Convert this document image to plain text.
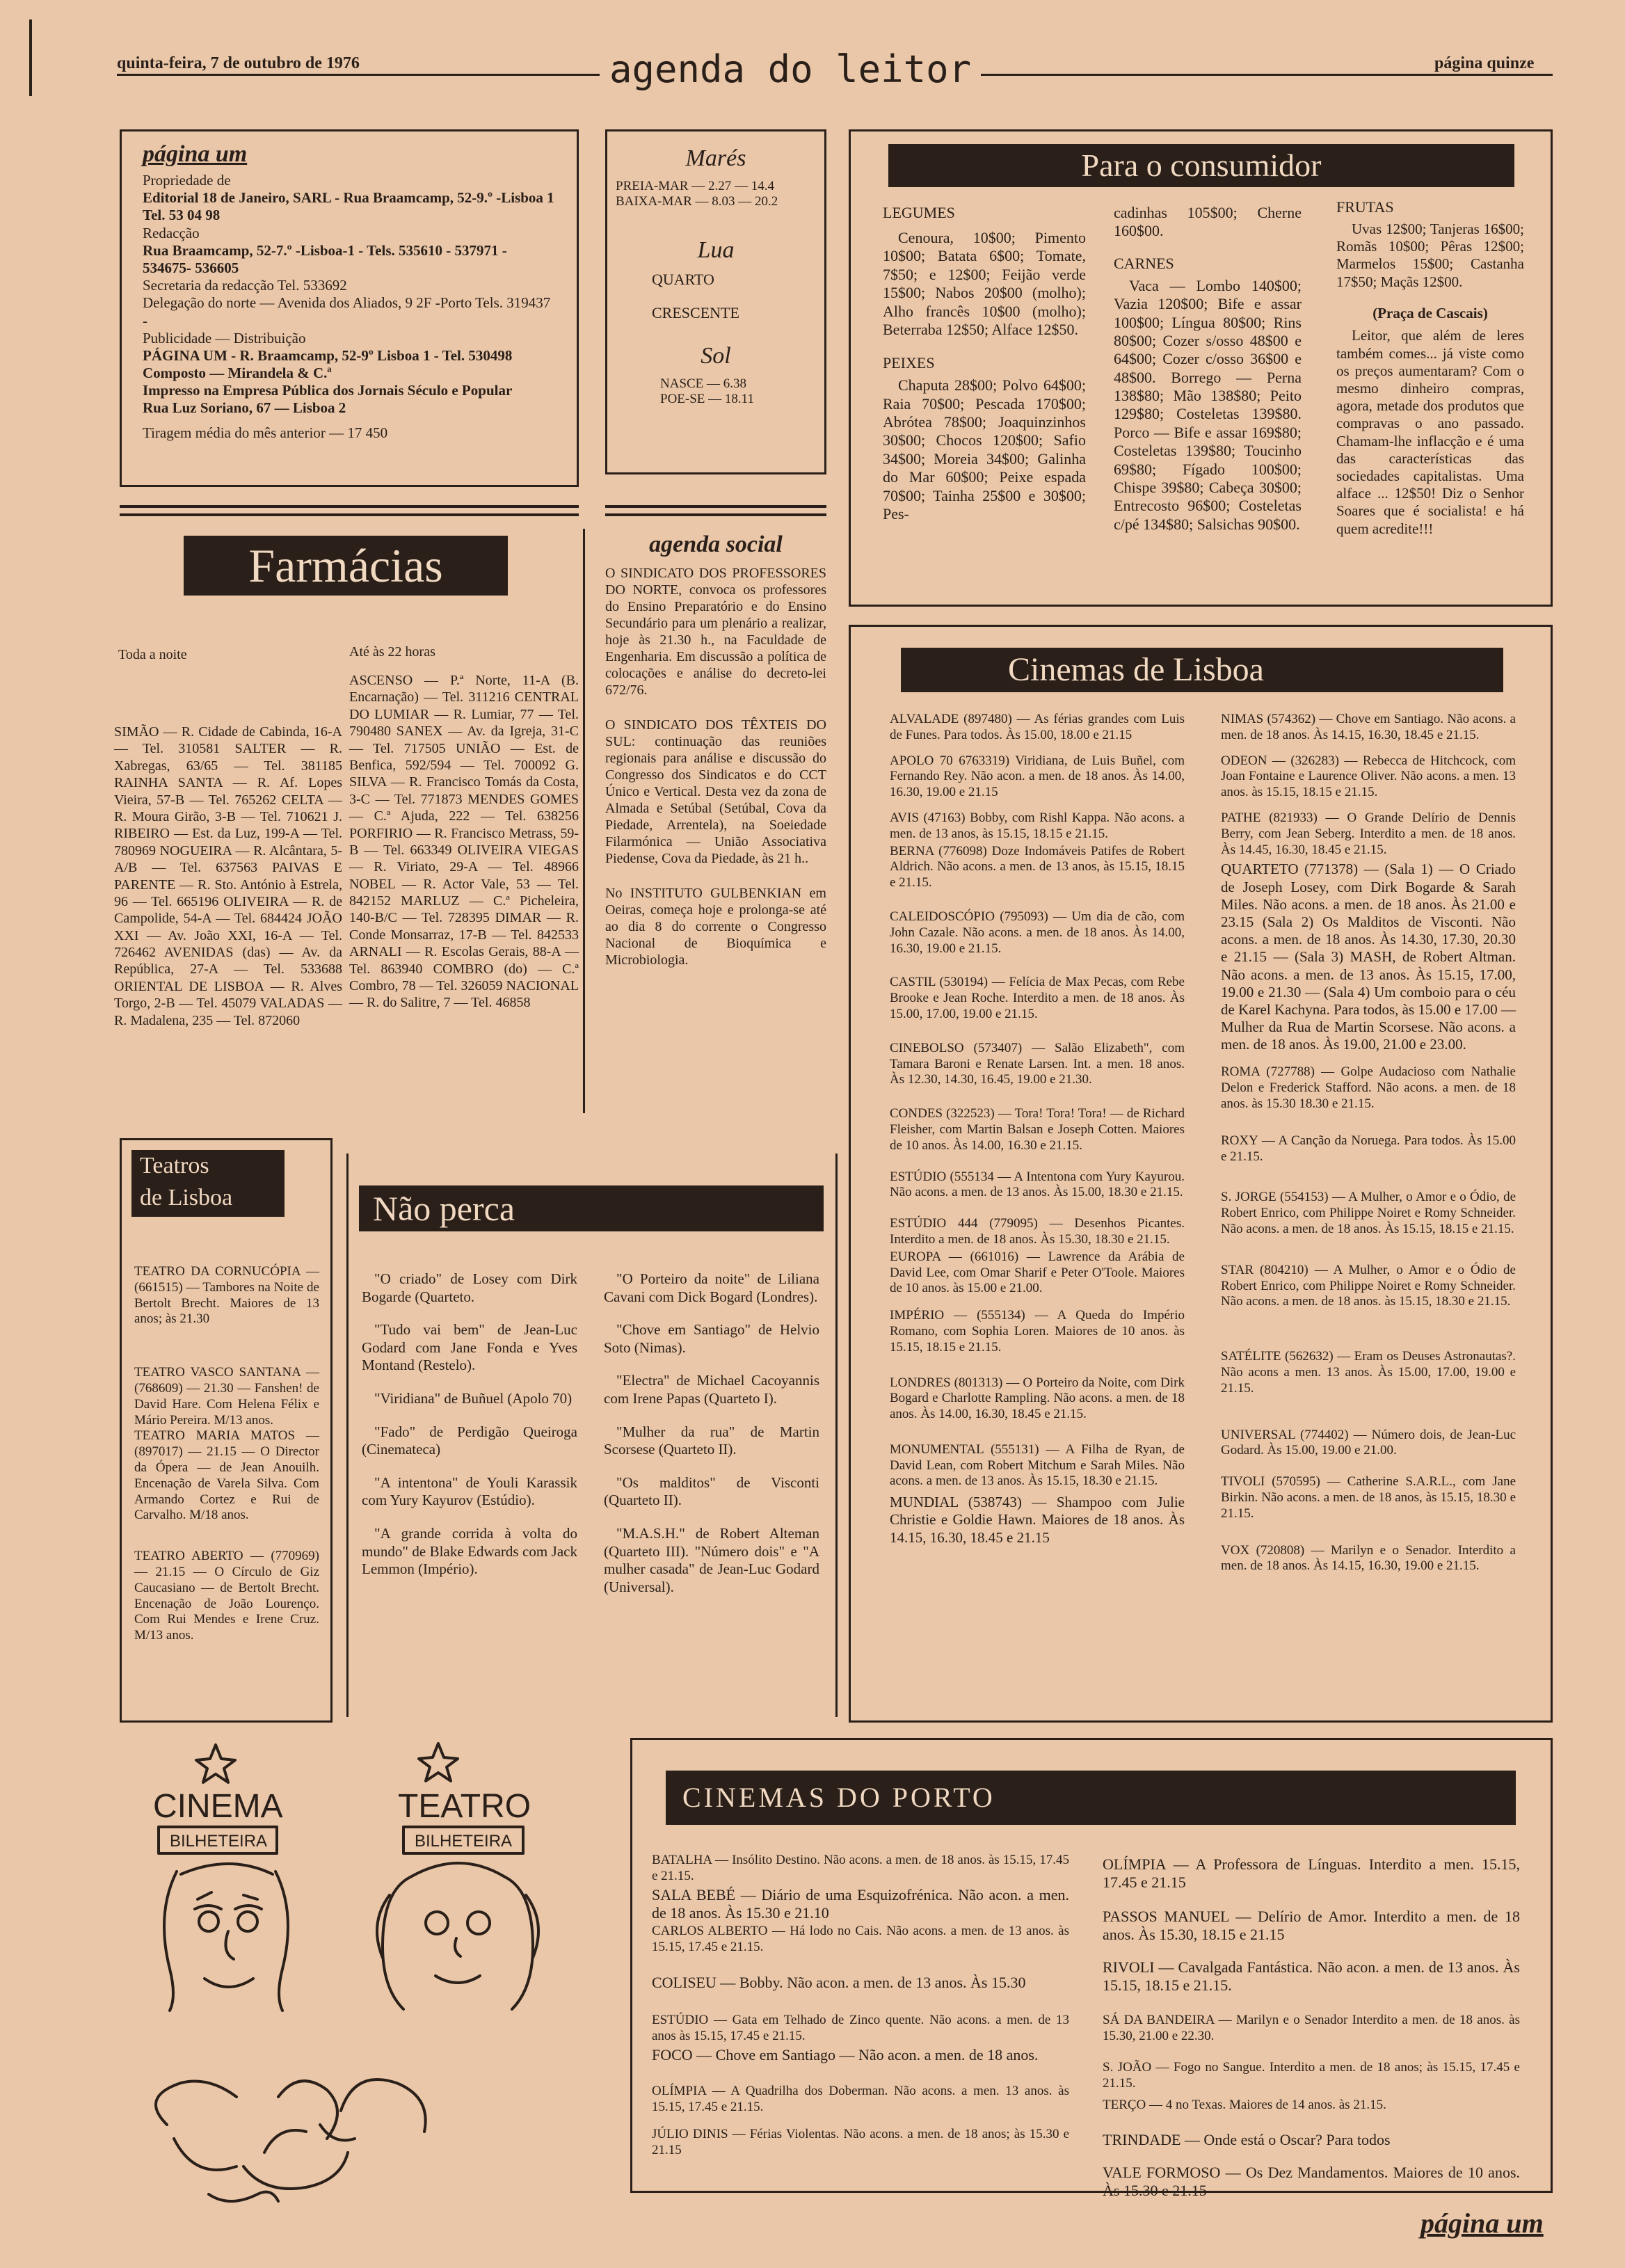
quinta-feira, 7 de outubro de 1976	agenda do leitor	página quinze
página um
Propriedade de
Editorial 18 de Janeiro, SARL - Rua Braamcamp, 52-9.º -Lisboa 1 Tel. 53 04 98
Redacção
Rua Braamcamp, 52-7.º -Lisboa-1 - Tels. 535610 - 537971 - 534675- 536605
Secretaria da redacção Tel. 533692
Delegação do norte — Avenida dos Aliados, 9 2F -Porto Tels. 319437 -
Publicidade — Distribuição
PÁGINA UM - R. Braamcamp, 52-9º Lisboa 1 - Tel. 530498
Composto — Mirandela & C.ª
Impresso na Empresa Pública dos Jornais Século e Popular
Rua Luz Soriano, 67 — Lisboa 2
Tiragem média do mês anterior — 17 450
Marés
PREIA-MAR — 2.27 — 14.4
BAIXA-MAR — 8.03 — 20.2
Lua
QUARTO
CRESCENTE
Sol
NASCE — 6.38
POE-SE — 18.11
Para o consumidor
LEGUMES
Cenoura, 10$00; Pimento 10$00; Batata 6$00; Tomate, 7$50; e 12$00; Feijão verde 15$00; Nabos 20$00 (molho); Alho francês 10$00 (molho); Beterraba 12$50; Alface 12$50.
PEIXES
Chaputa 28$00; Polvo 64$00; Raia 70$00; Pescada 170$00; Abrótea 78$00; Joaquinzinhos 30$00; Chocos 120$00; Safio 34$00; Moreia 34$00; Galinha do Mar 60$00; Peixe espada 70$00; Tainha 25$00 e 30$00; Pes-
cadinhas 105$00; Cherne 160$00.
CARNES
Vaca — Lombo 140$00; Vazia 120$00; Bife e assar 100$00; Língua 80$00; Rins 80$00; Cozer s/osso 48$00 e 64$00; Cozer c/osso 36$00 e 48$00. Borrego — Perna 138$80; Mão 138$80; Peito 129$80; Costeletas 139$80. Porco — Bife e assar 169$80; Costeletas 139$80; Toucinho 69$80; Fígado 100$00; Chispe 39$80; Cabeça 30$00; Entrecosto 96$00; Costeletas c/pé 134$80; Salsichas 90$00.
FRUTAS
Uvas 12$00; Tanjeras 16$00; Romãs 10$00; Pêras 12$00; Marmelos 15$00; Castanha 17$50; Maçãs 12$00.
(Praça de Cascais)
Leitor, que além de leres também comes... já viste como os preços aumentaram? Com o mesmo dinheiro compras, agora, metade dos produtos que compravas o ano passado. Chamam-lhe inflacção e é uma das características das sociedades capitalistas. Uma alface ... 12$50! Diz o Senhor Soares que é socialista! e há quem acredite!!!
Farmácias
Toda a noite	Até às 22 horas
SIMÃO — R. Cidade de Cabinda, 16-A — Tel. 310581 SALTER — R. Xabregas, 63/65 — Tel. 381185 RAINHA SANTA — R. Af. Lopes Vieira, 57-B — Tel. 765262 CELTA — R. Moura Girão, 3-B — Tel. 710621 J. RIBEIRO — Est. da Luz, 199-A — Tel. 780969 NOGUEIRA — R. Alcântara, 5-A/B — Tel. 637563 PAIVAS E PARENTE — R. Sto. António à Estrela, 96 — Tel. 665196 OLIVEIRA — R. de Campolide, 54-A — Tel. 684424 JOÃO XXI — Av. João XXI, 16-A — Tel. 726462 AVENIDAS (das) — Av. da República, 27-A — Tel. 533688 ORIENTAL DE LISBOA — R. Alves Torgo, 2-B — Tel. 45079 VALADAS — R. Madalena, 235 — Tel. 872060
ASCENSO — P.ª Norte, 11-A (B. Encarnação) — Tel. 311216 CENTRAL DO LUMIAR — R. Lumiar, 77 — Tel. 790480 SANEX — Av. da Igreja, 31-C — Tel. 717505 UNIÃO — Est. de Benfica, 592/594 — Tel. 700092 G. SILVA — R. Francisco Tomás da Costa, 3-C — Tel. 771873 MENDES GOMES — C.ª Ajuda, 222 — Tel. 638256 PORFIRIO — R. Francisco Metrass, 59-B — Tel. 663349 OLIVEIRA VIEGAS — R. Viriato, 29-A — Tel. 48966 NOBEL — R. Actor Vale, 53 — Tel. 842152 MARLUZ — C.ª Picheleira, 140-B/C — Tel. 728395 DIMAR — R. Conde Monsarraz, 17-B — Tel. 842533 ARNALI — R. Escolas Gerais, 88-A — Tel. 863940 COMBRO (do) — C.ª Combro, 78 — Tel. 326059 NACIONAL — R. do Salitre, 7 — Tel. 46858
agenda social
O SINDICATO DOS PROFESSORES DO NORTE, convoca os professores do Ensino Preparatório e do Ensino Secundário para um plenário a realizar, hoje às 21.30 h., na Faculdade de Engenharia. Em discussão a política de colocações e análise do decreto-lei 672/76.
O SINDICATO DOS TÊXTEIS DO SUL: continuação das reuniões regionais para análise e discussão do Congresso dos Sindicatos e do CCT Único e Vertical. Desta vez da zona de Almada e Setúbal (Setúbal, Cova da Piedade, Arrentela), na Soeiedade Filarmónica — União Associativa Piedense, Cova da Piedade, às 21 h..
No INSTITUTO GULBENKIAN em Oeiras, começa hoje e prolonga-se até ao dia 8 do corrente o Congresso Nacional de Bioquímica e Microbiologia.
Teatros
de Lisboa
TEATRO DA CORNUCÓPIA — (661515) — Tambores na Noite de Bertolt Brecht. Maiores de 13 anos; às 21.30
TEATRO VASCO SANTANA — (768609) — 21.30 — Fanshen! de David Hare. Com Helena Félix e Mário Pereira. M/13 anos.
TEATRO MARIA MATOS — (897017) — 21.15 — O Director da Ópera — de Jean Anouilh. Encenação de Varela Silva. Com Armando Cortez e Rui de Carvalho. M/18 anos.
TEATRO ABERTO — (770969) — 21.15 — O Círculo de Giz Caucasiano — de Bertolt Brecht. Encenação de João Lourenço. Com Rui Mendes e Irene Cruz. M/13 anos.
Não perca
"O criado" de Losey com Dirk Bogarde (Quarteto.
"Tudo vai bem" de Jean-Luc Godard com Jane Fonda e Yves Montand (Restelo).
"Viridiana" de Buñuel (Apolo 70)
"Fado" de Perdigão Queiroga (Cinemateca)
"A intentona" de Youli Karassik com Yury Kayurov (Estúdio).
"A grande corrida à volta do mundo" de Blake Edwards com Jack Lemmon (Império).
"O Porteiro da noite" de Liliana Cavani com Dick Bogard (Londres).
"Chove em Santiago" de Helvio Soto (Nimas).
"Electra" de Michael Cacoyannis com Irene Papas (Quarteto I).
"Mulher da rua" de Martin Scorsese (Quarteto II).
"Os malditos" de Visconti (Quarteto II).
"M.A.S.H." de Robert Alteman (Quarteto III). "Número dois" e "A mulher casada" de Jean-Luc Godard (Universal).
Cinemas de Lisboa
ALVALADE (897480) — As férias grandes com Luis de Funes. Para todos. Às 15.00, 18.00 e 21.15
APOLO 70 6763319) Viridiana, de Luis Buñel, com Fernando Rey. Não acon. a men. de 18 anos. Às 14.00, 16.30, 19.00 e 21.15
AVIS (47163) Bobby, com Rishl Kappa. Não acons. a men. de 13 anos, às 15.15, 18.15 e 21.15.
BERNA (776098) Doze Indomáveis Patifes de Robert Aldrich. Não acons. a men. de 13 anos, às 15.15, 18.15 e 21.15.
CALEIDOSCÓPIO (795093) — Um dia de cão, com John Cazale. Não acons. a men. de 18 anos. Às 14.00, 16.30, 19.00 e 21.15.
CASTIL (530194) — Felícia de Max Pecas, com Rebe Brooke e Jean Roche. Interdito a men. de 18 anos. Às 15.00, 17.00, 19.00 e 21.15.
CINEBOLSO (573407) — Salão Elizabeth", com Tamara Baroni e Renate Larsen. Int. a men. 18 anos. Às 12.30, 14.30, 16.45, 19.00 e 21.30.
CONDES (322523) — Tora! Tora! Tora! — de Richard Fleisher, com Martin Balsan e Joseph Cotten. Maiores de 10 anos. Às 14.00, 16.30 e 21.15.
ESTÚDIO (555134 — A Intentona com Yury Kayurou. Não acons. a men. de 13 anos. Às 15.00, 18.30 e 21.15.
ESTÚDIO 444 (779095) — Desenhos Picantes. Interdito a men. de 18 anos. Às 15.30, 18.30 e 21.15.
EUROPA — (661016) — Lawrence da Arábia de David Lee, com Omar Sharif e Peter O'Toole. Maiores de 10 anos. às 15.00 e 21.00.
IMPÉRIO — (555134) — A Queda do Império Romano, com Sophia Loren. Maiores de 10 anos. às 15.15, 18.15 e 21.15.
LONDRES (801313) — O Porteiro da Noite, com Dirk Bogard e Charlotte Rampling. Não acons. a men. de 18 anos. Às 14.00, 16.30, 18.45 e 21.15.
MONUMENTAL (555131) — A Filha de Ryan, de David Lean, com Robert Mitchum e Sarah Miles. Não acons. a men. de 13 anos. Às 15.15, 18.30 e 21.15.
MUNDIAL (538743) — Shampoo com Julie Christie e Goldie Hawn. Maiores de 18 anos. Às 14.15, 16.30, 18.45 e 21.15
NIMAS (574362) — Chove em Santiago. Não acons. a men. de 18 anos. Às 14.15, 16.30, 18.45 e 21.15.
ODEON — (326283) — Rebecca de Hitchcock, com Joan Fontaine e Laurence Oliver. Não acons. a men. 13 anos. às 15.15, 18.15 e 21.15.
PATHE (821933) — O Grande Delírio de Dennis Berry, com Jean Seberg. Interdito a men. de 18 anos. Às 14.45, 16.30, 18.45 e 21.15.
QUARTETO (771378) — (Sala 1) — O Criado de Joseph Losey, com Dirk Bogarde & Sarah Miles. Não acons. a men. de 18 anos. Às 21.00 e 23.15 (Sala 2) Os Malditos de Visconti. Não acons. a men. de 18 anos. Às 14.30, 17.30, 20.30 e 21.15 — (Sala 3) MASH, de Robert Altman. Não acons. a men. de 13 anos. Às 15.15, 17.00, 19.00 e 21.30 — (Sala 4) Um comboio para o céu de Karel Kachyna. Para todos, às 15.00 e 17.00 — Mulher da Rua de Martin Scorsese. Não acons. a men. de 18 anos. Às 19.00, 21.00 e 23.00.
ROMA (727788) — Golpe Audacioso com Nathalie Delon e Frederick Stafford. Não acons. a men. de 18 anos. às 15.30 18.30 e 21.15.
ROXY — A Canção da Noruega. Para todos. Às 15.00 e 21.15.
S. JORGE (554153) — A Mulher, o Amor e o Ódio, de Robert Enrico, com Philippe Noiret e Romy Schneider. Não acons. a men. de 18 anos. Às 15.15, 18.15 e 21.15.
STAR (804210) — A Mulher, o Amor e o Ódio de Robert Enrico, com Philippe Noiret e Romy Schneider. Não acons. a men. de 18 anos. às 15.15, 18.30 e 21.15.
SATÉLITE (562632) — Eram os Deuses Astronautas?. Não acons a men. 13 anos. Às 15.00, 17.00, 19.00 e 21.15.
UNIVERSAL (774402) — Número dois, de Jean-Luc Godard. Às 15.00, 19.00 e 21.00.
TIVOLI (570595) — Catherine S.A.R.L., com Jane Birkin. Não acons. a men. de 18 anos, às 15.15, 18.30 e 21.15.
VOX (720808) — Marilyn e o Senador. Interdito a men. de 18 anos. Às 14.15, 16.30, 19.00 e 21.15.
CINEMA	TEATRO
BILHETEIRA	BILHETEIRA
CINEMAS DO PORTO
BATALHA — Insólito Destino. Não acons. a men. de 18 anos. às 15.15, 17.45 e 21.15.
SALA BEBÉ — Diário de uma Esquizofrénica. Não acon. a men. de 18 anos. Às 15.30 e 21.10
CARLOS ALBERTO — Há lodo no Cais. Não acons. a men. de 13 anos. às 15.15, 17.45 e 21.15.
COLISEU — Bobby. Não acon. a men. de 13 anos. Às 15.30
ESTÚDIO — Gata em Telhado de Zinco quente. Não acons. a men. de 13 anos às 15.15, 17.45 e 21.15.
FOCO — Chove em Santiago — Não acon. a men. de 18 anos.
OLÍMPIA — A Quadrilha dos Doberman. Não acons. a men. 13 anos. às 15.15, 17.45 e 21.15.
JÚLIO DINIS — Férias Violentas. Não acons. a men. de 18 anos; às 15.30 e 21.15
OLÍMPIA — A Professora de Línguas. Interdito a men. 15.15, 17.45 e 21.15
PASSOS MANUEL — Delírio de Amor. Interdito a men. de 18 anos. Às 15.30, 18.15 e 21.15
RIVOLI — Cavalgada Fantástica. Não acon. a men. de 13 anos. Às 15.15, 18.15 e 21.15.
SÁ DA BANDEIRA — Marilyn e o Senador Interdito a men. de 18 anos. às 15.30, 21.00 e 22.30.
S. JOÃO — Fogo no Sangue. Interdito a men. de 18 anos; às 15.15, 17.45 e 21.15.
TERÇO — 4 no Texas. Maiores de 14 anos. às 21.15.
TRINDADE — Onde está o Oscar? Para todos
VALE FORMOSO — Os Dez Mandamentos. Maiores de 10 anos. Às 15.30 e 21.15
página um
